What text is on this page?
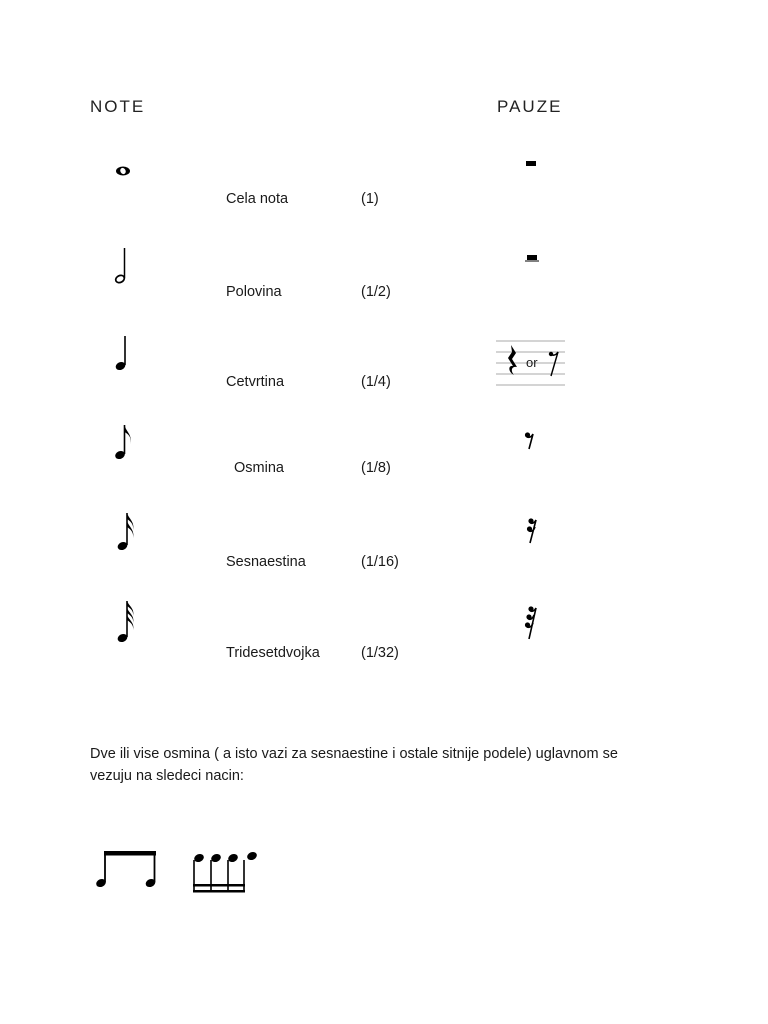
NOTE	PAUZE
Cela nota	(1)
Polovina	(1/2)
Cetvrtina	(1/4)
or
Osmina	(1/8)
Sesnaestina	(1/16)
Tridesetdvojka	(1/32)
Dve ili vise osmina ( a isto vazi za sesnaestine i ostale sitnije podele) uglavnom se
vezuju na sledeci nacin:
